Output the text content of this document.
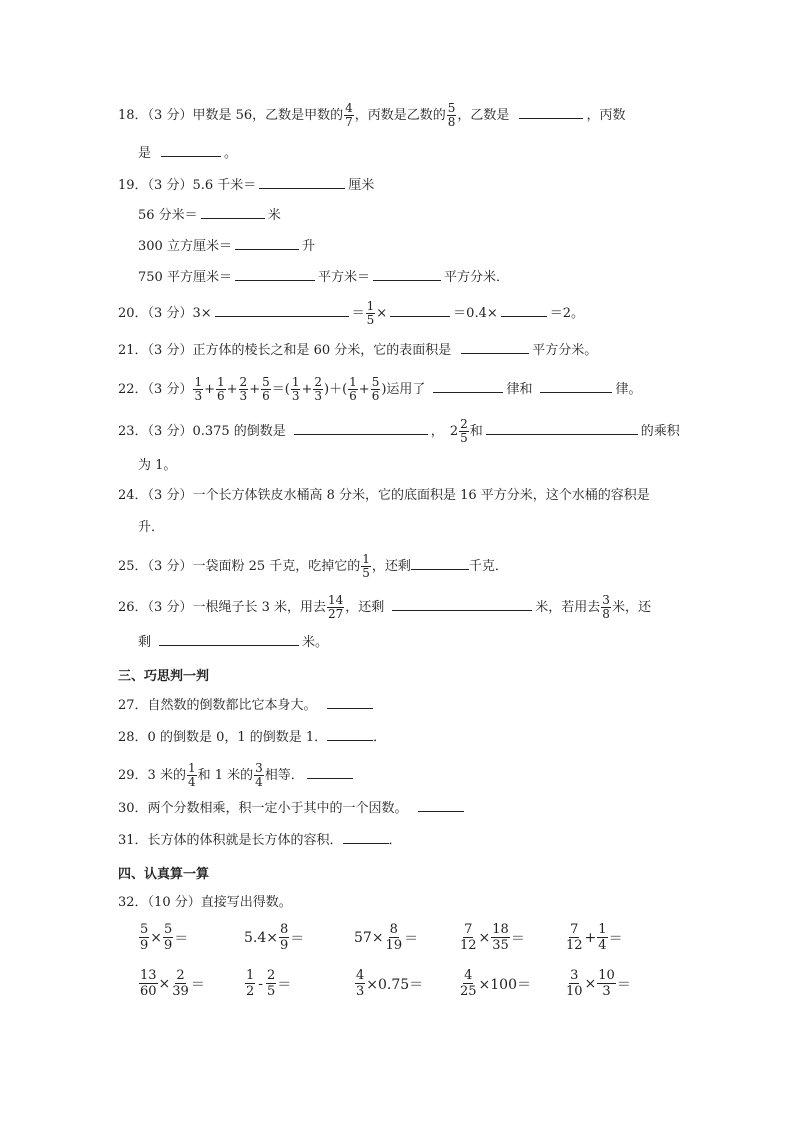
18．（3 分）甲数是 56，乙数是甲数的 $\frac{4}{7}$ ，丙数是乙数的 $\frac{5}{8}$ ，乙数是	，丙数
是	。
19．（3 分）5.6 千米＝	厘米
56 分米＝	米
300 立方厘米＝	升
750 平方厘米＝	平方米＝	平方分米．
20．（3 分）3×	＝ $\frac{1}{5}$ ×	＝0.4×	＝2。
21．（3 分）正方体的棱长之和是 60 分米，它的表面积是	平方分米。
22．（3 分） $\frac{1}{3} + \frac{1}{6} + \frac{2}{3} + \frac{5}{6}$ ＝( $\frac{1}{3} + \frac{2}{3}$ )＋( $\frac{1}{6} + \frac{5}{6}$ )运用了	律和	律。
23．（3 分）0.375 的倒数是	， $2 \frac{2}{5}$ 和	的乘积
为 1。
24．（3 分）一个长方体铁皮水桶高 8 分米，它的底面积是 16 平方分米，这个水桶的容积是
升．
25．（3 分）一袋面粉 25 千克，吃掉它的 $\frac{1}{5}$ ，还剩	千克．
26．（3 分）一根绳子长 3 米，用去 $\frac{14}{27}$ ，还剩	米，若用去 $\frac{3}{8}$ 米，还
剩	米。
三、巧思判一判
27．自然数的倒数都比它本身大。
28．0 的倒数是 0，1 的倒数是 1．	．
29．3 米的 $\frac{1}{4}$ 和 1 米的 $\frac{3}{4}$ 相等．
30．两个分数相乘，积一定小于其中的一个因数。
31．长方体的体积就是长方体的容积．	．
四、认真算一算
32．（10 分）直接写出得数。
$\frac{5}{9} \times \frac{5}{9}$ ＝	$5.4\times \frac{8}{9}$ ＝	$57\times \frac{8}{19}$ ＝	$\frac{7}{12} \times \frac{18}{35}$ ＝	$\frac{7}{12} + \frac{1}{4}$ ＝
$\frac{13}{60} \times \frac{2}{39}$ ＝	$\frac{1}{2} - \frac{2}{5}$ ＝	$\frac{4}{3} \times 0.75=$	$\frac{4}{25} \times 100=$	$\frac{3}{10} \times \frac{10}{3}$ ＝
